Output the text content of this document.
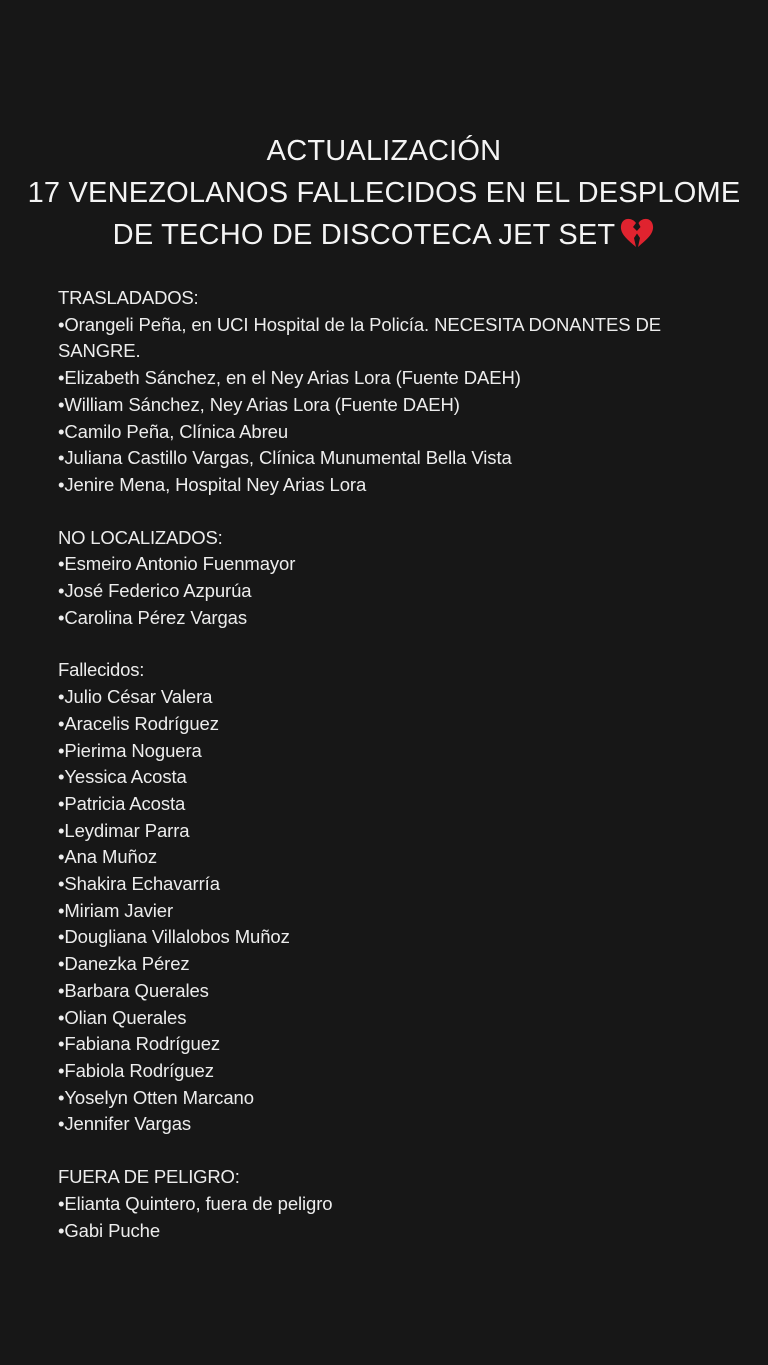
ACTUALIZACIÓN
17 VENEZOLANOS FALLECIDOS EN EL DESPLOME
DE TECHO DE DISCOTECA JET SET
TRASLADADOS:
•Orangeli Peña, en UCI Hospital de la Policía. NECESITA DONANTES DE
SANGRE.
•Elizabeth Sánchez, en el Ney Arias Lora (Fuente DAEH)
•William Sánchez, Ney Arias Lora (Fuente DAEH)
•Camilo Peña, Clínica Abreu
•Juliana Castillo Vargas, Clínica Munumental Bella Vista
•Jenire Mena, Hospital Ney Arias Lora
NO LOCALIZADOS:
•Esmeiro Antonio Fuenmayor
•José Federico Azpurúa
•Carolina Pérez Vargas
Fallecidos:
•Julio César Valera
•Aracelis Rodríguez
•Pierima Noguera
•Yessica Acosta
•Patricia Acosta
•Leydimar Parra
•Ana Muñoz
•Shakira Echavarría
•Miriam Javier
•Dougliana Villalobos Muñoz
•Danezka Pérez
•Barbara Querales
•Olian Querales
•Fabiana Rodríguez
•Fabiola Rodríguez
•Yoselyn Otten Marcano
•Jennifer Vargas
FUERA DE PELIGRO:
•Elianta Quintero, fuera de peligro
•Gabi Puche
